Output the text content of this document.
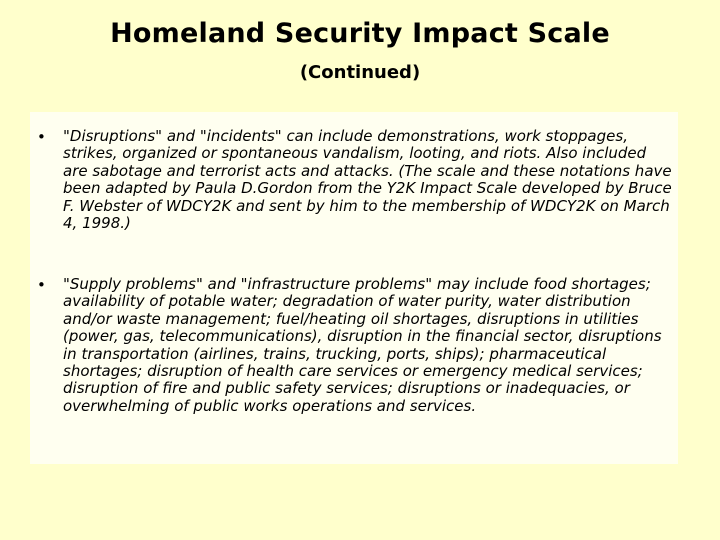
Homeland Security Impact Scale
(Continued)
• "Disruptions" and "incidents" can include demonstrations, work stoppages, strikes, organized or spontaneous vandalism, looting, and riots. Also included are sabotage and terrorist acts and attacks. (The scale and these notations have been adapted by Paula D.Gordon from the Y2K Impact Scale developed by Bruce F. Webster of WDCY2K and sent by him to the membership of WDCY2K on March 4, 1998.)

• "Supply problems" and "infrastructure problems" may include food shortages; availability of potable water; degradation of water purity, water distribution and/or waste management; fuel/heating oil shortages, disruptions in utilities (power, gas, telecommunications), disruption in the financial sector, disruptions in transportation (airlines, trains, trucking, ports, ships); pharmaceutical shortages; disruption of health care services or emergency medical services; disruption of fire and public safety services; disruptions or inadequacies, or overwhelming of public works operations and services.
